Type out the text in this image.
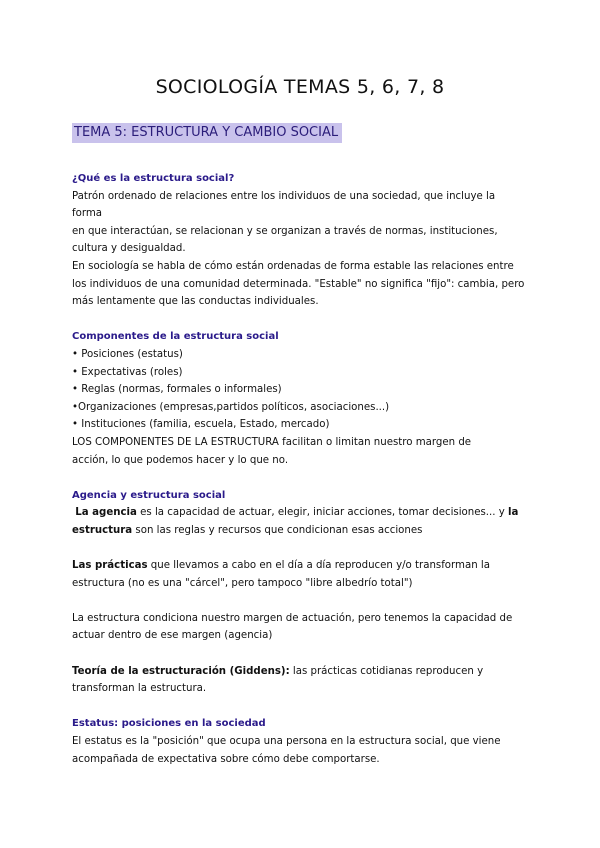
SOCIOLOGÍA TEMAS 5, 6, 7, 8
TEMA 5: ESTRUCTURA Y CAMBIO SOCIAL
¿Qué es la estructura social?
Patrón ordenado de relaciones entre los individuos de una sociedad, que incluye la forma
en que interactúan, se relacionan y se organizan a través de normas, instituciones,
cultura y desigualdad.
En sociología se habla de cómo están ordenadas de forma estable las relaciones entre
los individuos de una comunidad determinada. "Estable" no significa "fijo": cambia, pero
más lentamente que las conductas individuales.
Componentes de la estructura social
• Posiciones (estatus)
• Expectativas (roles)
• Reglas (normas, formales o informales)
•Organizaciones (empresas,partidos políticos, asociaciones...)
• Instituciones (familia, escuela, Estado, mercado)
LOS COMPONENTES DE LA ESTRUCTURA facilitan o limitan nuestro margen de
acción, lo que podemos hacer y lo que no.
Agencia y estructura social
La agencia es la capacidad de actuar, elegir, iniciar acciones, tomar decisiones... y la
estructura son las reglas y recursos que condicionan esas acciones
Las prácticas que llevamos a cabo en el día a día reproducen y/o transforman la
estructura (no es una "cárcel", pero tampoco "libre albedrío total")
La estructura condiciona nuestro margen de actuación, pero tenemos la capacidad de
actuar dentro de ese margen (agencia)
Teoría de la estructuración (Giddens): las prácticas cotidianas reproducen y
transforman la estructura.
Estatus: posiciones en la sociedad
El estatus es la "posición" que ocupa una persona en la estructura social, que viene
acompañada de expectativa sobre cómo debe comportarse.
